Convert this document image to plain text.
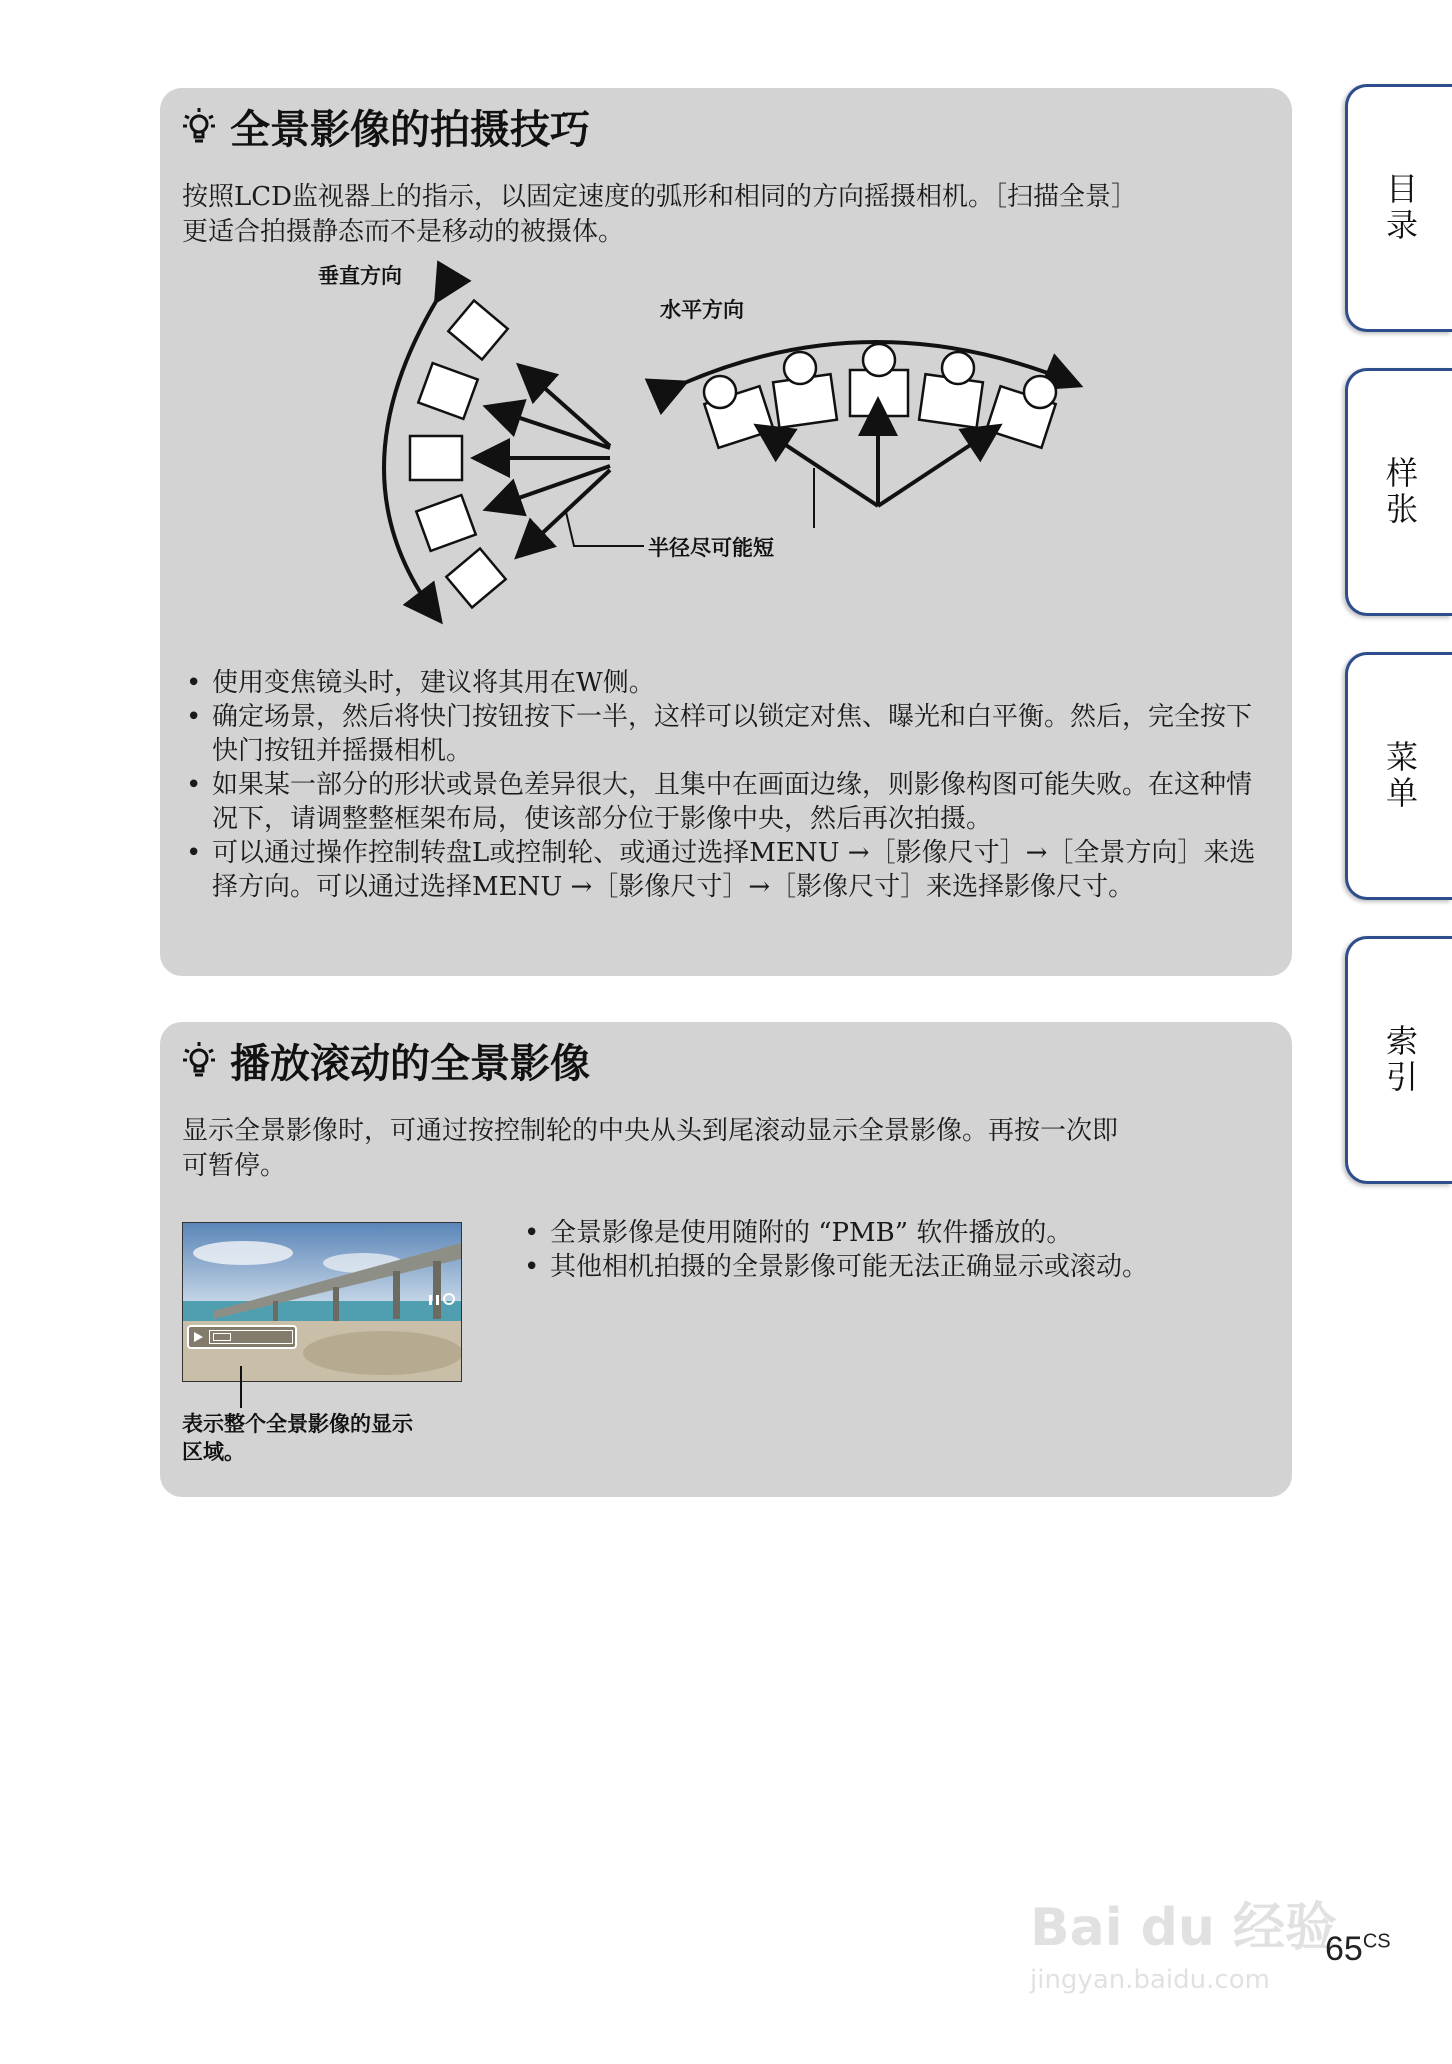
全景影像的拍摄技巧

按照LCD监视器上的指示，以固定速度的弧形和相同的方向摇摄相机。［扫描全景］
更适合拍摄静态而不是移动的被摄体。

垂直方向
水平方向
半径尽可能短
• 使用变焦镜头时，建议将其用在W侧。
• 确定场景，然后将快门按钮按下一半，这样可以锁定对焦、曝光和白平衡。然后，完全按下快门按钮并摇摄相机。
• 如果某一部分的形状或景色差异很大，且集中在画面边缘，则影像构图可能失败。在这种情况下，请调整整框架布局，使该部分位于影像中央，然后再次拍摄。
• 可以通过操作控制转盘L或控制轮、或通过选择MENU →［影像尺寸］→［全景方向］来选择方向。可以通过选择MENU →［影像尺寸］→［影像尺寸］来选择影像尺寸。
播放滚动的全景影像

显示全景影像时，可通过按控制轮的中央从头到尾滚动显示全景影像。再按一次即
可暂停。

表示整个全景影像的显示
区域。
• 全景影像是使用随附的 “PMB” 软件播放的。
• 其他相机拍摄的全景影像可能无法正确显示或滚动。
目录
样张
菜单
索引
Bai du 经验
jingyan.baidu.com
$65^{CS}$
